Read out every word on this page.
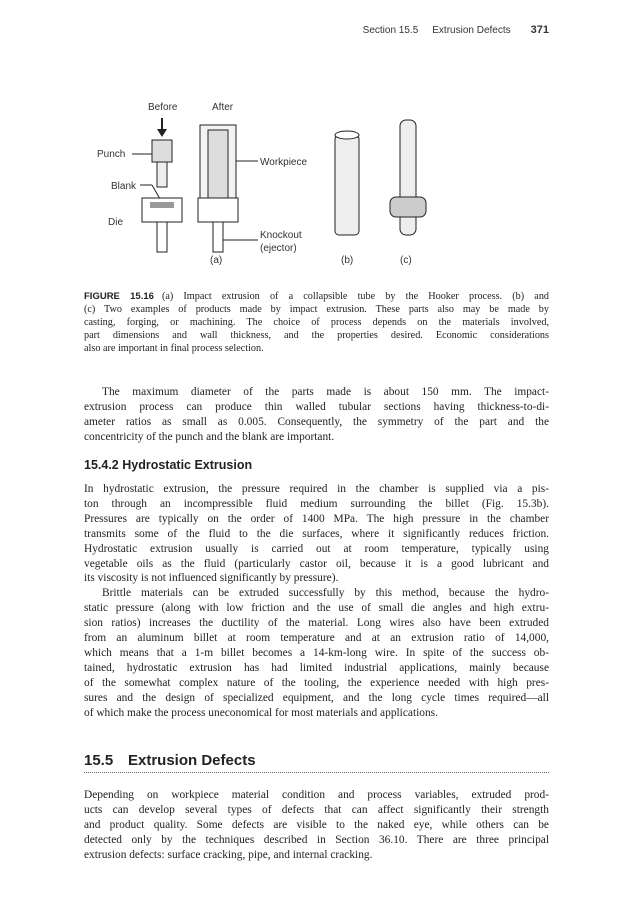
Section 15.5 Extrusion Defects 371
Before	After
Punch
Blank
Die
Workpiece
Knockout
(ejector)
(a)	(b)	(c)
FIGURE 15.16 (a) Impact extrusion of a collapsible tube by the Hooker process. (b) and
(c) Two examples of products made by impact extrusion. These parts also may be made by
casting, forging, or machining. The choice of process depends on the materials involved,
part dimensions and wall thickness, and the properties desired. Economic considerations
also are important in final process selection.
The maximum diameter of the parts made is about 150 mm. The impact-
extrusion process can produce thin walled tubular sections having thickness-to-di-
ameter ratios as small as 0.005. Consequently, the symmetry of the part and the
concentricity of the punch and the blank are important.
15.4.2 Hydrostatic Extrusion
In hydrostatic extrusion, the pressure required in the chamber is supplied via a pis-
ton through an incompressible fluid medium surrounding the billet (Fig. 15.3b).
Pressures are typically on the order of 1400 MPa. The high pressure in the chamber
transmits some of the fluid to the die surfaces, where it significantly reduces friction.
Hydrostatic extrusion usually is carried out at room temperature, typically using
vegetable oils as the fluid (particularly castor oil, because it is a good lubricant and
its viscosity is not influenced significantly by pressure).
Brittle materials can be extruded successfully by this method, because the hydro-
static pressure (along with low friction and the use of small die angles and high extru-
sion ratios) increases the ductility of the material. Long wires also have been extruded
from an aluminum billet at room temperature and at an extrusion ratio of 14,000,
which means that a 1-m billet becomes a 14-km-long wire. In spite of the success ob-
tained, hydrostatic extrusion has had limited industrial applications, mainly because
of the somewhat complex nature of the tooling, the experience needed with high pres-
sures and the design of specialized equipment, and the long cycle times required—all
of which make the process uneconomical for most materials and applications.
15.5 Extrusion Defects
Depending on workpiece material condition and process variables, extruded prod-
ucts can develop several types of defects that can affect significantly their strength
and product quality. Some defects are visible to the naked eye, while others can be
detected only by the techniques described in Section 36.10. There are three principal
extrusion defects: surface cracking, pipe, and internal cracking.
